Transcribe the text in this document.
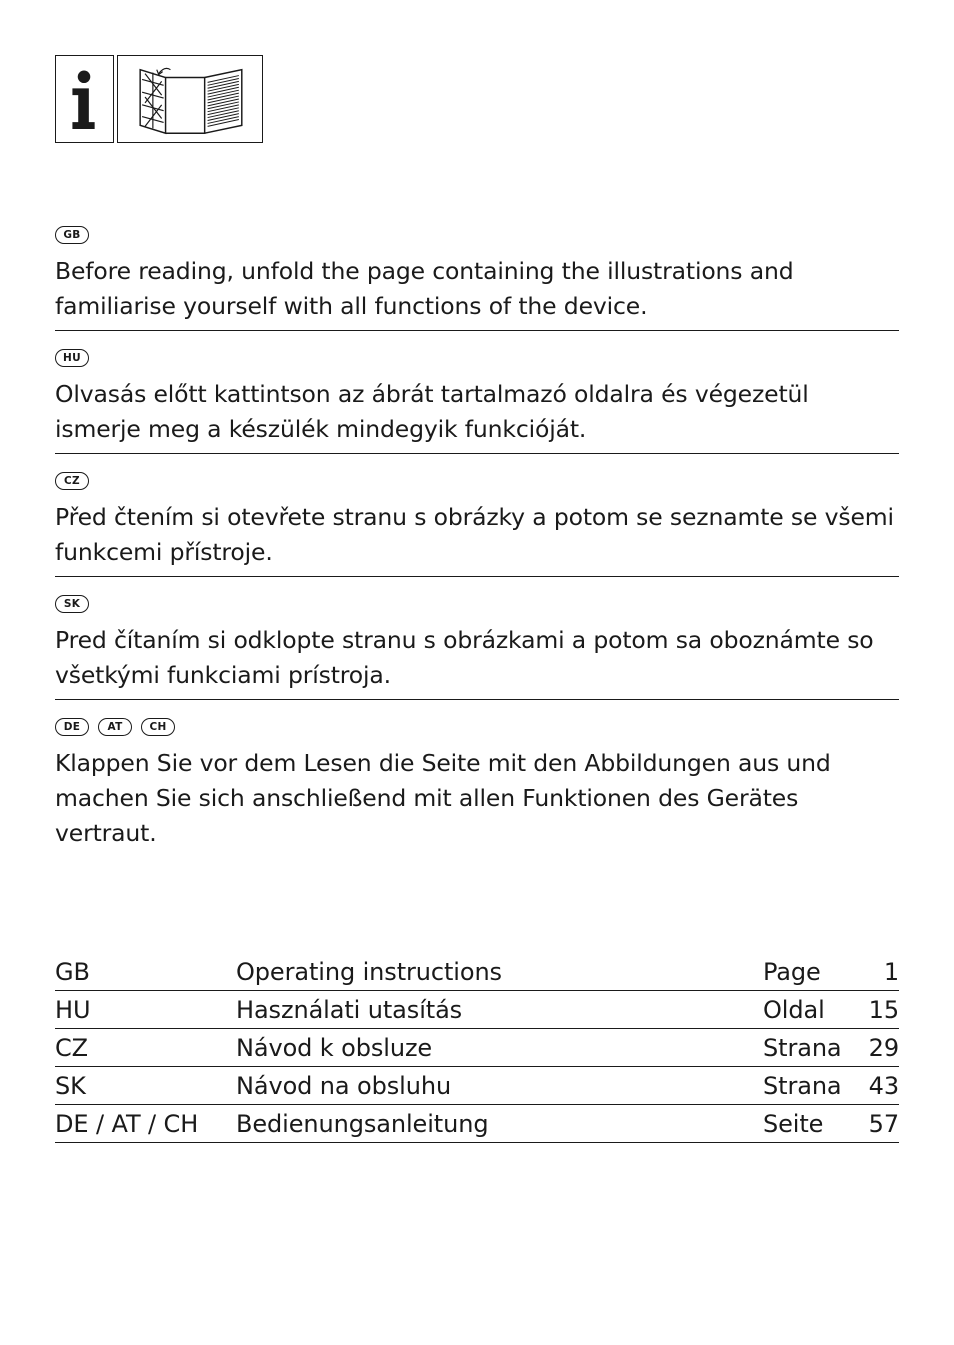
GB
Before reading, unfold the page containing the illustrations and familiarise yourself with all functions of the device.
HU
Olvasás előtt kattintson az ábrát tartalmazó oldalra és végezetül ismerje meg a készülék mindegyik funkcióját.
CZ
Před čtením si otevřete stranu s obrázky a potom se seznamte se všemi funkcemi přístroje.
SK
Pred čítaním si odklopte stranu s obrázkami a potom sa oboznámte so všetkými funkciami prístroja.
DE	AT	CH
Klappen Sie vor dem Lesen die Seite mit den Abbildungen aus und machen Sie sich anschließend mit allen Funktionen des Gerätes vertraut.
GB	Operating instructions	Page	1
HU	Használati utasítás	Oldal	15
CZ	Návod k obsluze	Strana	29
SK	Návod na obsluhu	Strana	43
DE / AT / CH	Bedienungsanleitung	Seite	57
